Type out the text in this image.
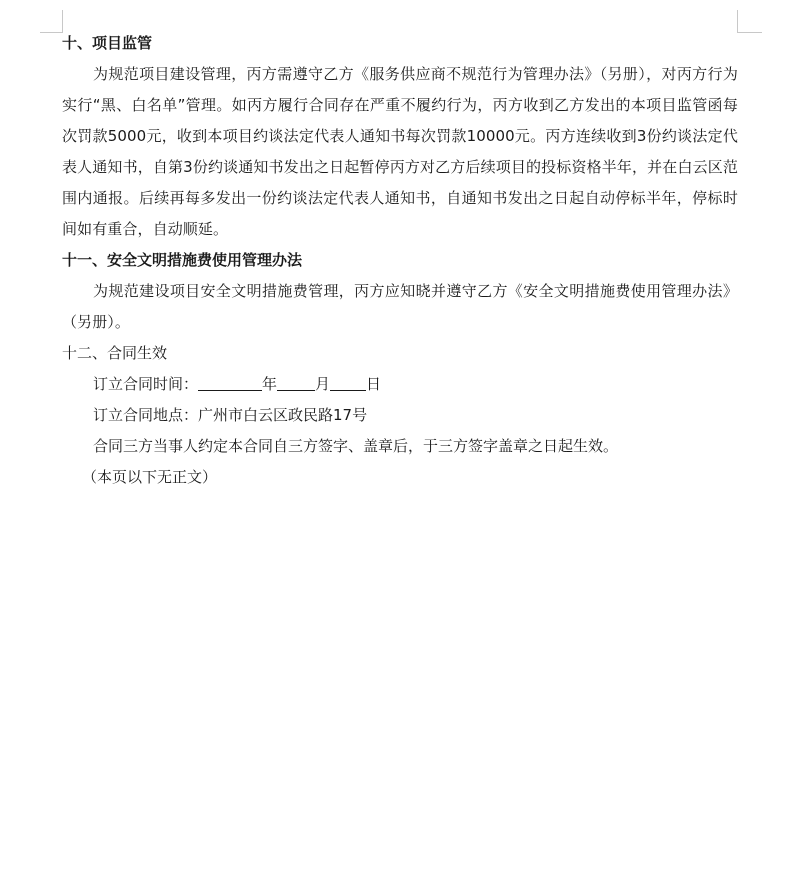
十、项目监管

为规范项目建设管理，丙方需遵守乙方《服务供应商不规范行为管理办法》（另册），对丙方行为实行“黑、白名单”管理。如丙方履行合同存在严重不履约行为，丙方收到乙方发出的本项目监管函每次罚款5000元，收到本项目约谈法定代表人通知书每次罚款10000元。丙方连续收到3份约谈法定代表人通知书，自第3份约谈通知书发出之日起暂停丙方对乙方后续项目的投标资格半年，并在白云区范围内通报。后续再每多发出一份约谈法定代表人通知书，自通知书发出之日起自动停标半年，停标时间如有重合，自动顺延。

十一、安全文明措施费使用管理办法

为规范建设项目安全文明措施费管理，丙方应知晓并遵守乙方《安全文明措施费使用管理办法》（另册）。

十二、合同生效

订立合同时间：	年	月 日

订立合同地点：广州市白云区政民路17号

合同三方当事人约定本合同自三方签字、盖章后，于三方签字盖章之日起生效。

（本页以下无正文）
